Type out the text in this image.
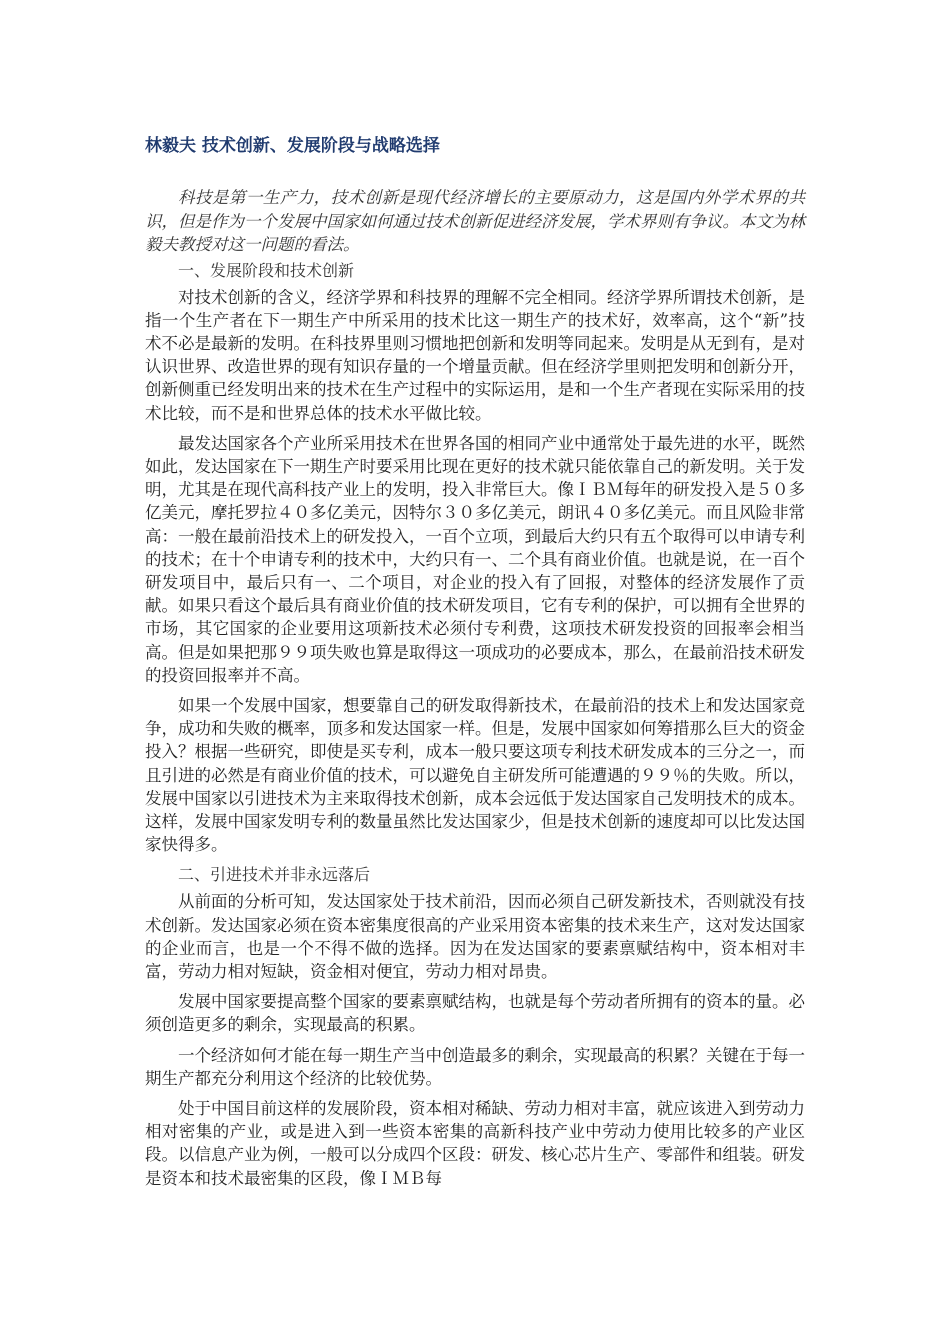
林毅夫 技术创新、发展阶段与战略选择

科技是第一生产力，技术创新是现代经济增长的主要原动力，这是国内外学术界的共识，但是作为一个发展中国家如何通过技术创新促进经济发展，学术界则有争议。本文为林毅夫教授对这一问题的看法。

一、发展阶段和技术创新

对技术创新的含义，经济学界和科技界的理解不完全相同。经济学界所谓技术创新，是指一个生产者在下一期生产中所采用的技术比这一期生产的技术好，效率高，这个“新”技术不必是最新的发明。在科技界里则习惯地把创新和发明等同起来。发明是从无到有，是对认识世界、改造世界的现有知识存量的一个增量贡献。但在经济学里则把发明和创新分开，创新侧重已经发明出来的技术在生产过程中的实际运用，是和一个生产者现在实际采用的技术比较，而不是和世界总体的技术水平做比较。

最发达国家各个产业所采用技术在世界各国的相同产业中通常处于最先进的水平，既然如此，发达国家在下一期生产时要采用比现在更好的技术就只能依靠自己的新发明。关于发明，尤其是在现代高科技产业上的发明，投入非常巨大。像ＩＢＭ每年的研发投入是５０多亿美元，摩托罗拉４０多亿美元，因特尔３０多亿美元，朗讯４０多亿美元。而且风险非常高：一般在最前沿技术上的研发投入，一百个立项，到最后大约只有五个取得可以申请专利的技术；在十个申请专利的技术中，大约只有一、二个具有商业价值。也就是说，在一百个研发项目中，最后只有一、二个项目，对企业的投入有了回报，对整体的经济发展作了贡献。如果只看这个最后具有商业价值的技术研发项目，它有专利的保护，可以拥有全世界的市场，其它国家的企业要用这项新技术必须付专利费，这项技术研发投资的回报率会相当高。但是如果把那９９项失败也算是取得这一项成功的必要成本，那么，在最前沿技术研发的投资回报率并不高。

如果一个发展中国家，想要靠自己的研发取得新技术，在最前沿的技术上和发达国家竞争，成功和失败的概率，顶多和发达国家一样。但是，发展中国家如何筹措那么巨大的资金投入？根据一些研究，即使是买专利，成本一般只要这项专利技术研发成本的三分之一，而且引进的必然是有商业价值的技术，可以避免自主研发所可能遭遇的９９％的失败。所以，发展中国家以引进技术为主来取得技术创新，成本会远低于发达国家自己发明技术的成本。这样，发展中国家发明专利的数量虽然比发达国家少，但是技术创新的速度却可以比发达国家快得多。

二、引进技术并非永远落后

从前面的分析可知，发达国家处于技术前沿，因而必须自己研发新技术，否则就没有技术创新。发达国家必须在资本密集度很高的产业采用资本密集的技术来生产，这对发达国家的企业而言，也是一个不得不做的选择。因为在发达国家的要素禀赋结构中，资本相对丰富，劳动力相对短缺，资金相对便宜，劳动力相对昂贵。

发展中国家要提高整个国家的要素禀赋结构，也就是每个劳动者所拥有的资本的量。必须创造更多的剩余，实现最高的积累。

一个经济如何才能在每一期生产当中创造最多的剩余，实现最高的积累？关键在于每一期生产都充分利用这个经济的比较优势。

处于中国目前这样的发展阶段，资本相对稀缺、劳动力相对丰富，就应该进入到劳动力相对密集的产业，或是进入到一些资本密集的高新科技产业中劳动力使用比较多的产业区段。以信息产业为例，一般可以分成四个区段：研发、核心芯片生产、零部件和组装。研发是资本和技术最密集的区段，像ＩＭＢ每
